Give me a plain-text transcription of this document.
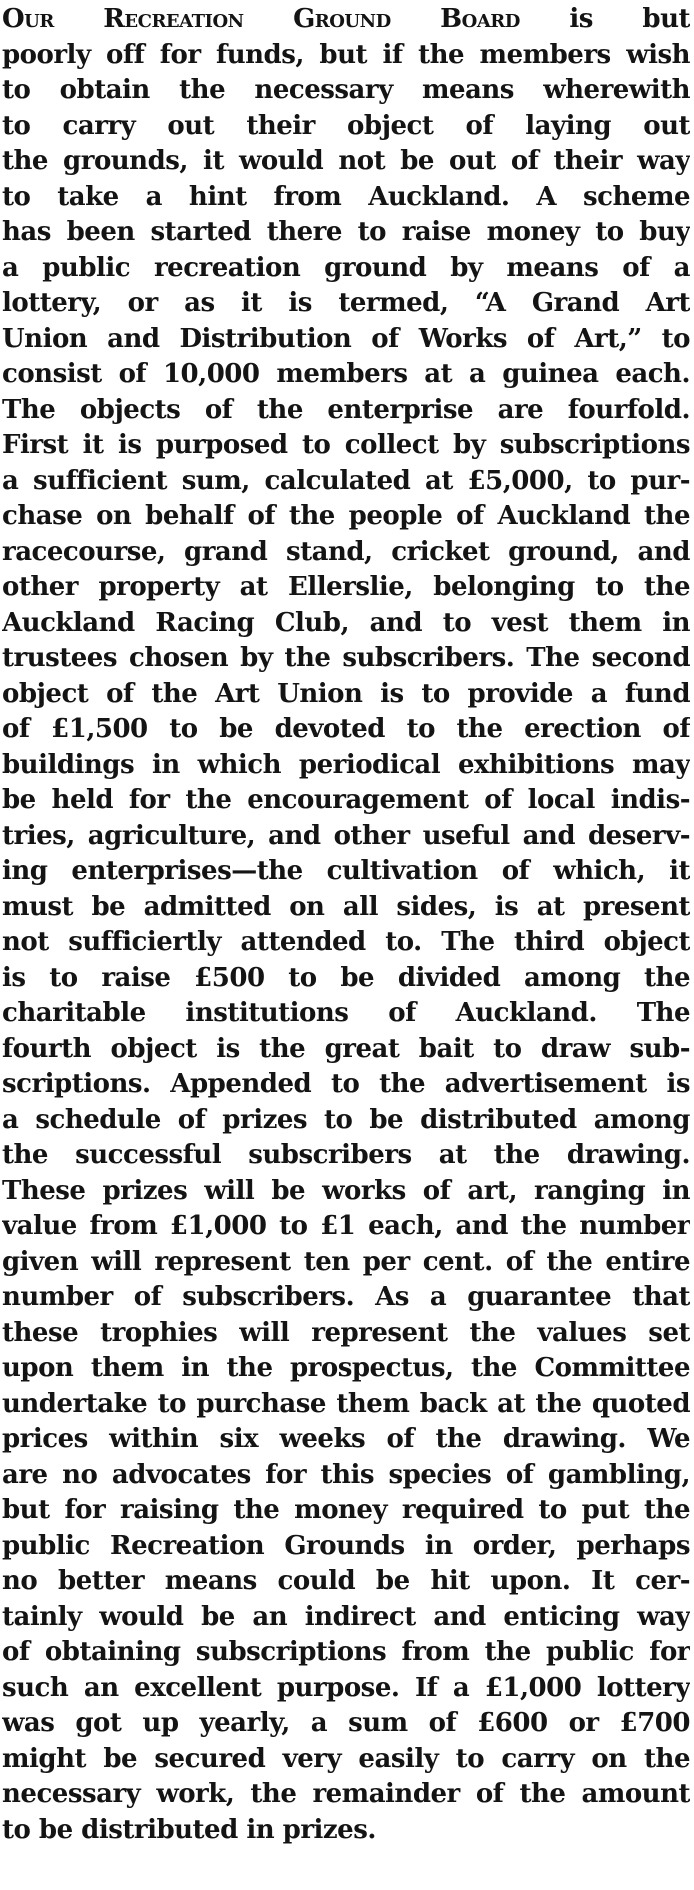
Our Recreation Ground Board is but
poorly off for funds, but if the members wish
to obtain the necessary means wherewith
to carry out their object of laying out
the grounds, it would not be out of their way
to take a hint from Auckland. A scheme
has been started there to raise money to buy
a public recreation ground by means of a
lottery, or as it is termed, “A Grand Art
Union and Distribution of Works of Art,” to
consist of 10,000 members at a guinea each.
The objects of the enterprise are fourfold.
First it is purposed to collect by subscriptions
a sufficient sum, calculated at £5,000, to pur-
chase on behalf of the people of Auckland the
racecourse, grand stand, cricket ground, and
other property at Ellerslie, belonging to the
Auckland Racing Club, and to vest them in
trustees chosen by the subscribers. The second
object of the Art Union is to provide a fund
of £1,500 to be devoted to the erection of
buildings in which periodical exhibitions may
be held for the encouragement of local indis-
tries, agriculture, and other useful and deserv-
ing enterprises—the cultivation of which, it
must be admitted on all sides, is at present
not sufficiertly attended to. The third object
is to raise £500 to be divided among the
charitable institutions of Auckland. The
fourth object is the great bait to draw sub-
scriptions. Appended to the advertisement is
a schedule of prizes to be distributed among
the successful subscribers at the drawing.
These prizes will be works of art, ranging in
value from £1,000 to £1 each, and the number
given will represent ten per cent. of the entire
number of subscribers. As a guarantee that
these trophies will represent the values set
upon them in the prospectus, the Committee
undertake to purchase them back at the quoted
prices within six weeks of the drawing. We
are no advocates for this species of gambling,
but for raising the money required to put the
public Recreation Grounds in order, perhaps
no better means could be hit upon. It cer-
tainly would be an indirect and enticing way
of obtaining subscriptions from the public for
such an excellent purpose. If a £1,000 lottery
was got up yearly, a sum of £600 or £700
might be secured very easily to carry on the
necessary work, the remainder of the amount
to be distributed in prizes.
